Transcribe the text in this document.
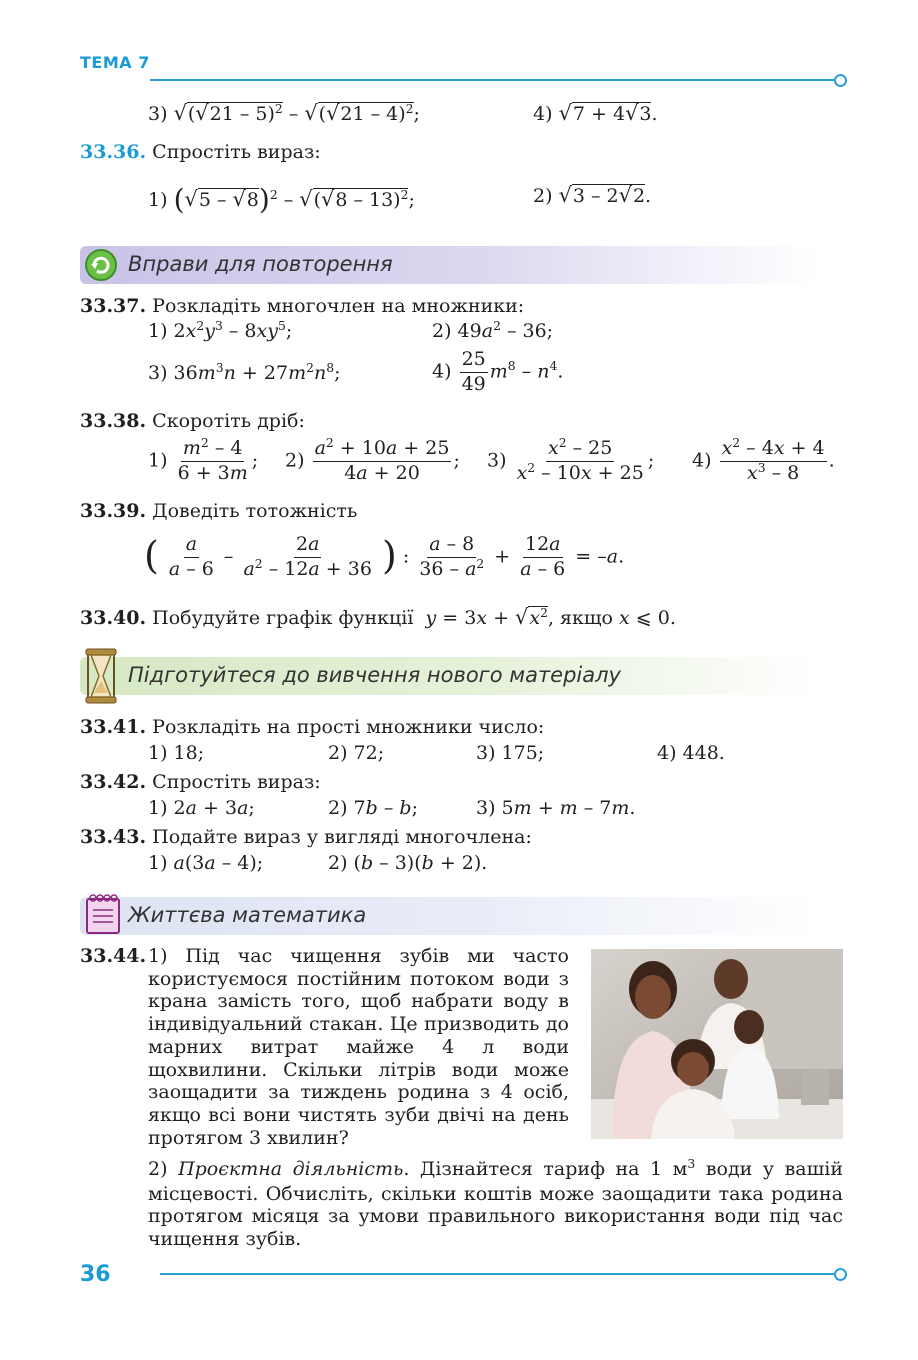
ТЕМА 7
3) √(√21 – 5)$^2$ – √(√21 – 4)$^2$;	4) √7 + 4√3.
33.36. Спростіть вираз:
1) (√5 – √8)$^2$ – √(√8 – 13)$^2$;	2) √3 – 2√2.
Вправи для повторення
33.37. Розкладіть многочлен на множники:
1) $2x^2y^3 - 8xy^5$;	2) $49a^2 - 36$;
3) $36m^3n + 27m^2n^8$;	$4) \frac{25}{49} m^8 - n^4$.
33.38. Скоротіть дріб:
$1) \frac{m^2 - 4}{6 + 3m}$ ; $2) \frac{a^2 + 10a + 25}{4a + 20}$ ; $3) \frac{x^2 - 25}{x^2 - 10x + 25}$ ; $4) \frac{x^2 - 4x + 4}{x^3 - 8}$ .
33.39. Доведіть тотожність
( $\frac{a}{a - 6} - \frac{2a}{a^2 - 12a + 36}$ ) : $\frac{a - 8}{36 - a^2} + \frac{12a}{a - 6} = -a$.
33.40. Побудуйте графік функції $y = 3x + √x^2$, якщо x ⩽ 0.
Підготуйтеся до вивчення нового матеріалу
33.41. Розкладіть на прості множники число:
1) 18;	2) 72;	3) 175;	4) 448.
33.42. Спростіть вираз:
1) 2a + 3a;	2) 7b – b;	3) 5m + m – 7m.
33.43. Подайте вираз у вигляді многочлена:
1) a(3a – 4);	2) (b – 3)(b + 2).
Життєва математика
33.44. 1) Під час чищення зубів ми часто користуємося постійним потоком води з крана замість того, щоб набрати воду в індивідуальний стакан. Це призводить до марних витрат майже 4 л води щохвилини. Скільки літрів води може заощадити за тиждень родина з 4 осіб, якщо всі вони чистять зуби двічі на день протягом 3 хвилин?
2) Проєктна діяльність. Дізнайтеся тариф на 1 $м^3$ води у вашій місцевості. Обчисліть, скільки коштів може заощадити така родина протягом місяця за умови правильного використання води під час чищення зубів.
36
